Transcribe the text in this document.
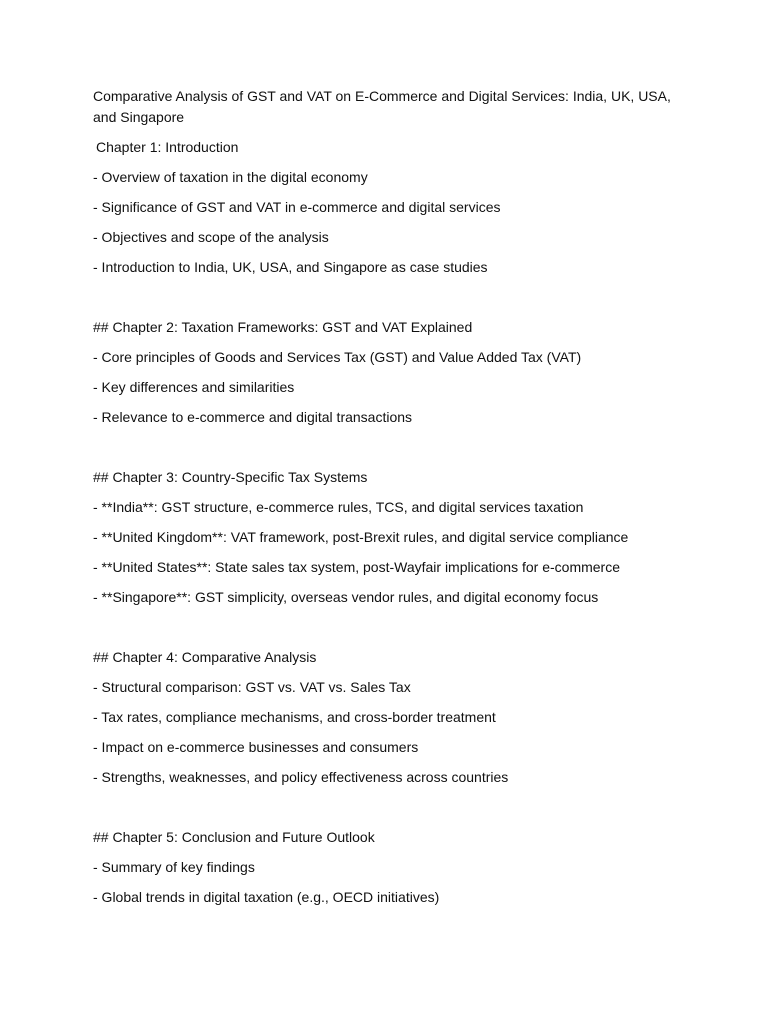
Comparative Analysis of GST and VAT on E-Commerce and Digital Services: India, UK, USA, and Singapore

Chapter 1: Introduction
- Overview of taxation in the digital economy
- Significance of GST and VAT in e-commerce and digital services
- Objectives and scope of the analysis
- Introduction to India, UK, USA, and Singapore as case studies
## Chapter 2: Taxation Frameworks: GST and VAT Explained
- Core principles of Goods and Services Tax (GST) and Value Added Tax (VAT)
- Key differences and similarities
- Relevance to e-commerce and digital transactions
## Chapter 3: Country-Specific Tax Systems
- **India**: GST structure, e-commerce rules, TCS, and digital services taxation
- **United Kingdom**: VAT framework, post-Brexit rules, and digital service compliance
- **United States**: State sales tax system, post-Wayfair implications for e-commerce
- **Singapore**: GST simplicity, overseas vendor rules, and digital economy focus
## Chapter 4: Comparative Analysis
- Structural comparison: GST vs. VAT vs. Sales Tax
- Tax rates, compliance mechanisms, and cross-border treatment
- Impact on e-commerce businesses and consumers
- Strengths, weaknesses, and policy effectiveness across countries
## Chapter 5: Conclusion and Future Outlook
- Summary of key findings
- Global trends in digital taxation (e.g., OECD initiatives)
